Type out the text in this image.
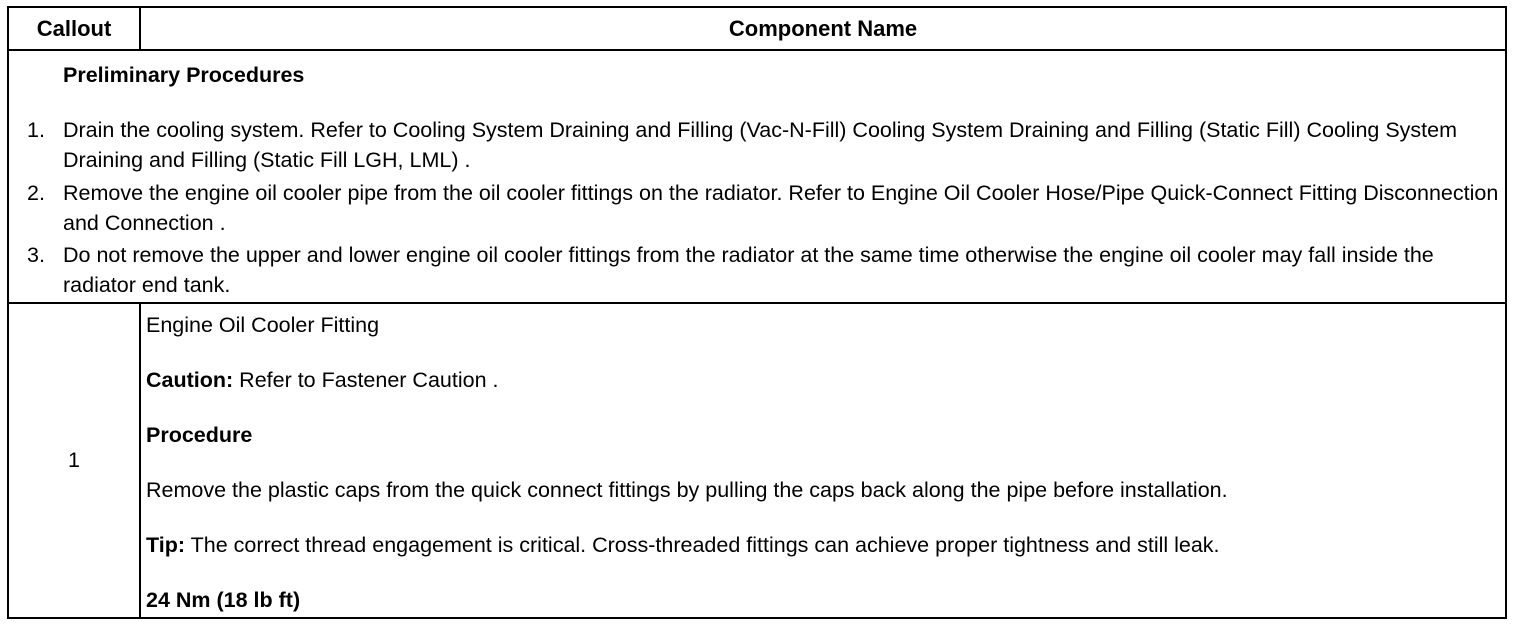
Callout	Component Name
Preliminary Procedures
1. Drain the cooling system. Refer to Cooling System Draining and Filling (Vac-N-Fill) Cooling System Draining and Filling (Static Fill) Cooling System Draining and Filling (Static Fill LGH, LML) .
2. Remove the engine oil cooler pipe from the oil cooler fittings on the radiator. Refer to Engine Oil Cooler Hose/Pipe Quick-Connect Fitting Disconnection and Connection .
3. Do not remove the upper and lower engine oil cooler fittings from the radiator at the same time otherwise the engine oil cooler may fall inside the radiator end tank.
1

Engine Oil Cooler Fitting

Caution: Refer to Fastener Caution .

Procedure

Remove the plastic caps from the quick connect fittings by pulling the caps back along the pipe before installation.

Tip: The correct thread engagement is critical. Cross-threaded fittings can achieve proper tightness and still leak.

24 Nm (18 lb ft)
